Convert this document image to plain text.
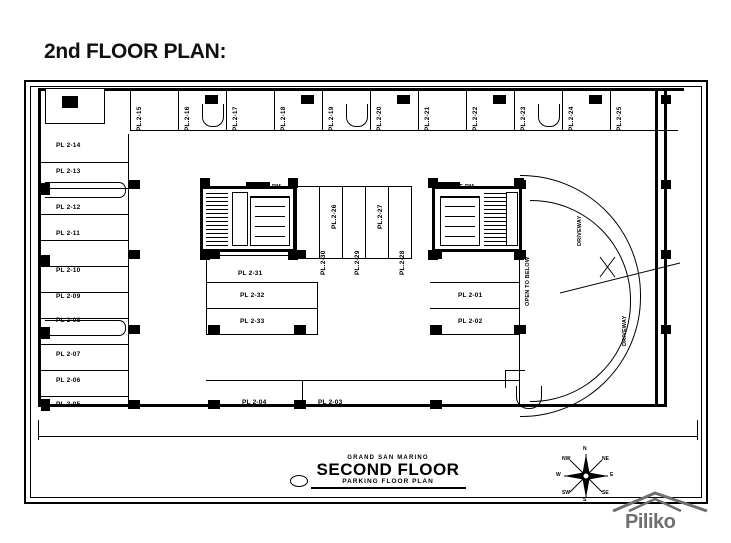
2nd FLOOR PLAN:
PL.2-15	PL.2-16	PL.2-17	PL.2-18	PL.2-19	PL.2-20	PL.2-21	PL.2-22	PL.2-23	PL.2-24	PL.2-25
PL 2-14
PL 2-13
PL 2-12
PL 2-11
PL 2-10
PL 2-09
PL 2-08
PL 2-07
PL 2-06
PL 2-05
PL.2-26	PL.2-27
PL.2-28
PL.2-29
PL.2-30
PL 2-31
PL 2-32
PL 2-33
PL 2-01
PL 2-02
PL 2-04	PL 2-03
MET RM	ELE RM
DRIVEWAY
DRIVEWAY
OPEN TO BELOW
GRAND SAN MARINO
SECOND FLOOR
PARKING FLOOR PLAN
N
S
E
W
NE
NW
SE
SW
Piliko
